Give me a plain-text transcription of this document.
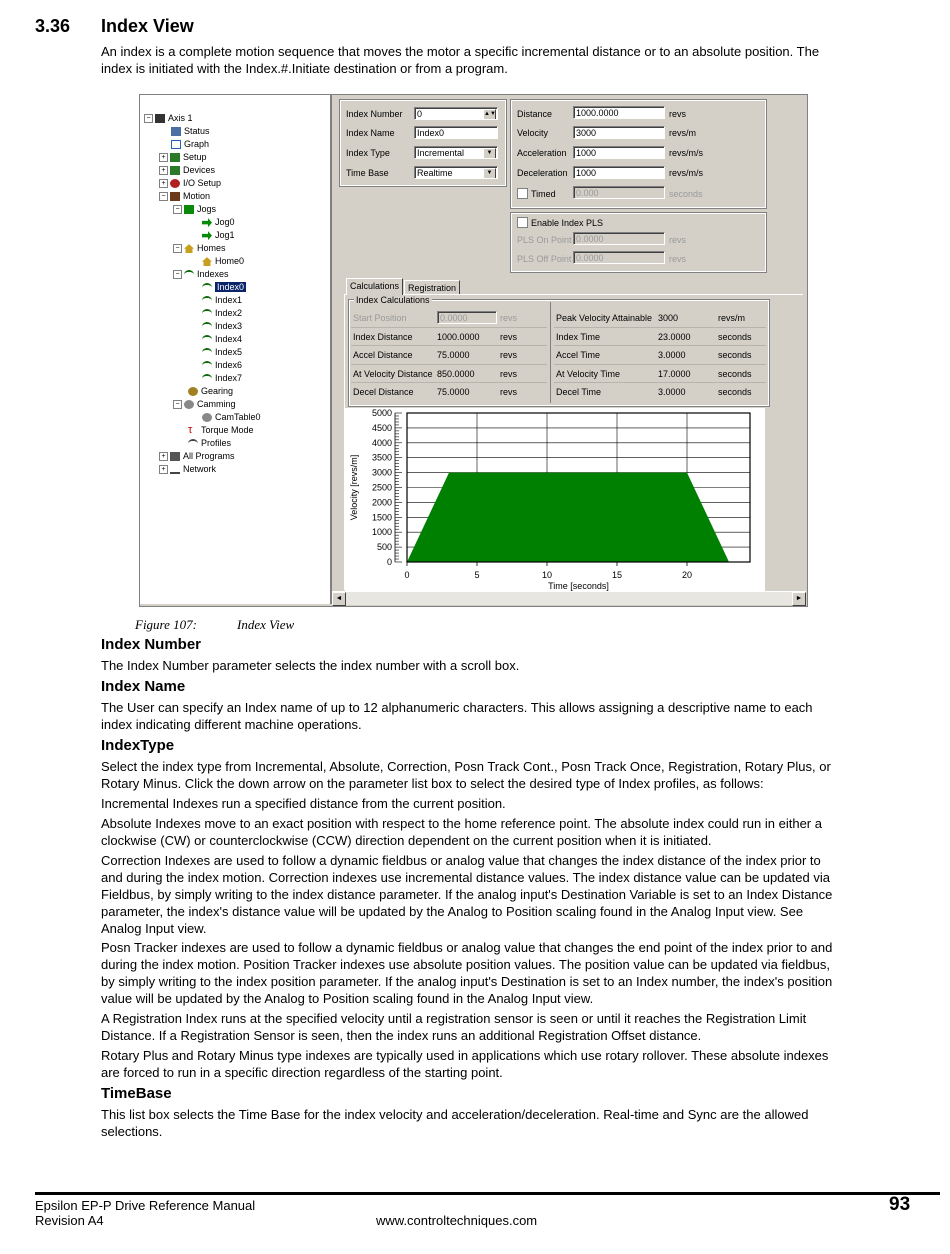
3.36 Index View
An index is a complete motion sequence that moves the motor a specific incremental distance or to an absolute position. The index is initiated with the Index.#.Initiate destination or from a program.
− Axis 1
Status
Graph
+ Setup
+ Devices
+ I/O Setup
− Motion
− Jogs
Jog0
Jog1
− Homes
Home0
− Indexes
Index0
Index1
Index2
Index3
Index4
Index5
Index6
Index7
Gearing
− Camming
CamTable0
τ Torque Mode
Profiles
+ All Programs
+ Network
Index Number	0	▲▼
Index Name	Index0
Index Type	Incremental	▼
Time Base	Realtime	▼
Distance	1000.0000	revs
Velocity	3000	revs/m
Acceleration	1000	revs/m/s
Deceleration 1000	revs/m/s
Timed	0.000	seconds
Enable Index PLS
PLS On Point 0.0000	revs
PLS Off Point 0.0000	revs
Calculations Registration
Index Calculations
Start Position	0.0000	revs
Index Distance	1000.0000 revs
Accel Distance	75.0000	revs
At Velocity Distance 850.0000	revs
Decel Distance	75.0000	revs
Peak Velocity Attainable 3000	revs/m
Index Time	23.0000	seconds
Accel Time	3.0000	seconds
At Velocity Time	17.0000	seconds
Decel Time	3.0000	seconds
0
500
1000
1500
2000
2500
3000
3500
4000
4500
5000
0	5	10	15	20
Time [seconds]
Velocity [revs/m]
◄	►
Figure 107:	Index View
Index Number
The Index Number parameter selects the index number with a scroll box.
Index Name
The User can specify an Index name of up to 12 alphanumeric characters. This allows assigning a descriptive name to each index indicating different machine operations.
IndexType
Select the index type from Incremental, Absolute, Correction, Posn Track Cont., Posn Track Once, Registration, Rotary Plus, or Rotary Minus. Click the down arrow on the parameter list box to select the desired type of Index profiles, as follows:
Incremental Indexes run a specified distance from the current position.
Absolute Indexes move to an exact position with respect to the home reference point. The absolute index could run in either a clockwise (CW) or counterclockwise (CCW) direction dependent on the current position when it is initiated.
Correction Indexes are used to follow a dynamic fieldbus or analog value that changes the index distance of the index prior to and during the index motion. Correction indexes use incremental distance values. The index distance value can be updated via Fieldbus, by simply writing to the index distance parameter. If the analog input's Destination Variable is set to an Index Distance parameter, the index's distance value will be updated by the Analog to Position scaling found in the Analog Input view. See Analog Input view.
Posn Tracker indexes are used to follow a dynamic fieldbus or analog value that changes the end point of the index prior to and during the index motion. Position Tracker indexes use absolute position values. The position value can be updated via fieldbus, by simply writing to the index position parameter. If the analog input's Destination is set to an Index number, the index's position value will be updated by the Analog to Position scaling found in the Analog Input view.
A Registration Index runs at the specified velocity until a registration sensor is seen or until it reaches the Registration Limit Distance. If a Registration Sensor is seen, then the index runs an additional Registration Offset distance.
Rotary Plus and Rotary Minus type indexes are typically used in applications which use rotary rollover. These absolute indexes are forced to run in a specific direction regardless of the starting point.
TimeBase
This list box selects the Time Base for the index velocity and acceleration/deceleration. Real-time and Sync are the allowed selections.
Epsilon EP-P Drive Reference Manual
Revision A4	www.controltechniques.com
93
